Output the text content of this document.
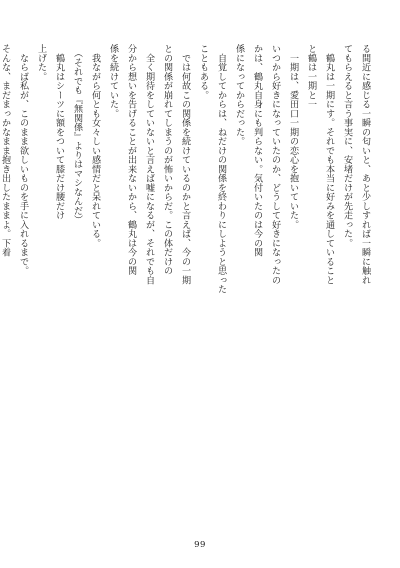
る間近に感じる一瞬の匂いと、あと少しすれば一瞬に触れ
てもらえると言う事実に、安堵だけが先走った。
　鶴丸は一期にす。それでも本当に好みを通していること
と鶴は一期と一
　一期は、愛田口一期の恋心を抱いていた。
いつから好きになっていたのか、どうして好きになったの
かは、鶴丸自身にも判らない。気付いたのは今の関
係になってからだった。
　自覚してからは、ねだけの関係を終わりにしようと思った
こともある。
　では何故この関係を続けているのかと言えば、今の一期
との関係が崩れてしまうのが怖いからだ。この体だけの
　全く期待をしていないと言えば嘘になるが、それでも自
分から想いを告げることが出来ないから、鶴丸は今の関
係を続けていた。
　我ながら何とも女々しい感情だと呆れている。
　（それでも『無関係』よりはマシなんだ）
　鶴丸はシーツに額をついて膝だけ腰だけ
上げた。
　ならば私が、このまま欲しいものを手に入れるまで。
そんな、まだまっかなまま抱き出したままよ。下着
99
